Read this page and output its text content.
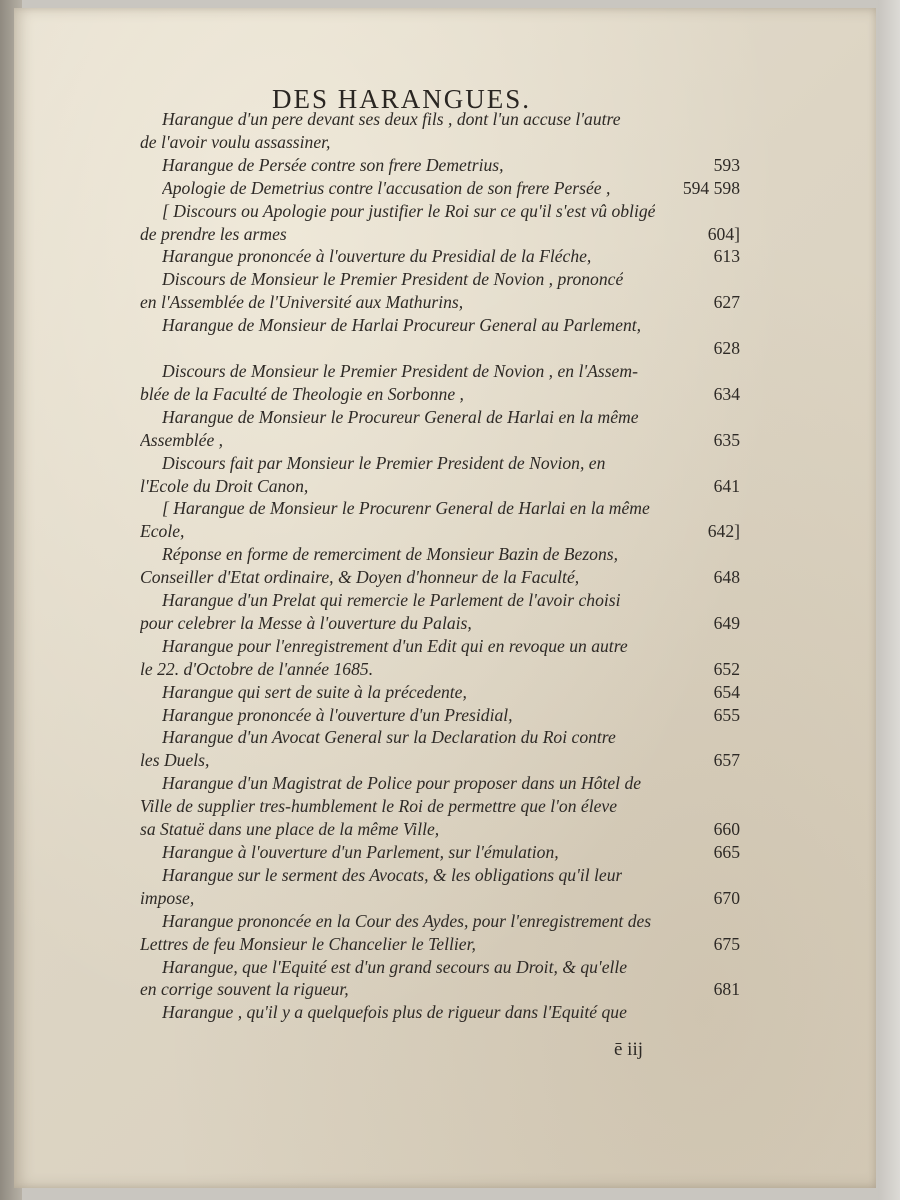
DES HARANGUES.
Harangue d'un pere devant ses deux fils , dont l'un accuse l'autre
de l'avoir voulu assassiner,
Harangue de Persée contre son frere Demetrius,	593
Apologie de Demetrius contre l'accusation de son frere Persée ,	594 598
[ Discours ou Apologie pour justifier le Roi sur ce qu'il s'est vû obligé
de prendre les armes	604]
Harangue prononcée à l'ouverture du Presidial de la Fléche,	613
Discours de Monsieur le Premier President de Novion , prononcé
en l'Assemblée de l'Université aux Mathurins,	627
Harangue de Monsieur de Harlai Procureur General au Parlement,
628
Discours de Monsieur le Premier President de Novion , en l'Assem-
blée de la Faculté de Theologie en Sorbonne ,	634
Harangue de Monsieur le Procureur General de Harlai en la même
Assemblée ,	635
Discours fait par Monsieur le Premier President de Novion, en
l'Ecole du Droit Canon,	641
[ Harangue de Monsieur le Procurenr General de Harlai en la même
Ecole,	642]
Réponse en forme de remerciment de Monsieur Bazin de Bezons,
Conseiller d'Etat ordinaire, & Doyen d'honneur de la Faculté,	648
Harangue d'un Prelat qui remercie le Parlement de l'avoir choisi
pour celebrer la Messe à l'ouverture du Palais,	649
Harangue pour l'enregistrement d'un Edit qui en revoque un autre
le 22. d'Octobre de l'année 1685.	652
Harangue qui sert de suite à la précedente,	654
Harangue prononcée à l'ouverture d'un Presidial,	655
Harangue d'un Avocat General sur la Declaration du Roi contre
les Duels,	657
Harangue d'un Magistrat de Police pour proposer dans un Hôtel de
Ville de supplier tres-humblement le Roi de permettre que l'on éleve
sa Statuë dans une place de la même Ville,	660
Harangue à l'ouverture d'un Parlement, sur l'émulation,	665
Harangue sur le serment des Avocats, & les obligations qu'il leur
impose,	670
Harangue prononcée en la Cour des Aydes, pour l'enregistrement des
Lettres de feu Monsieur le Chancelier le Tellier,	675
Harangue, que l'Equité est d'un grand secours au Droit, & qu'elle
en corrige souvent la rigueur,	681
Harangue , qu'il y a quelquefois plus de rigueur dans l'Equité que
ē iij
